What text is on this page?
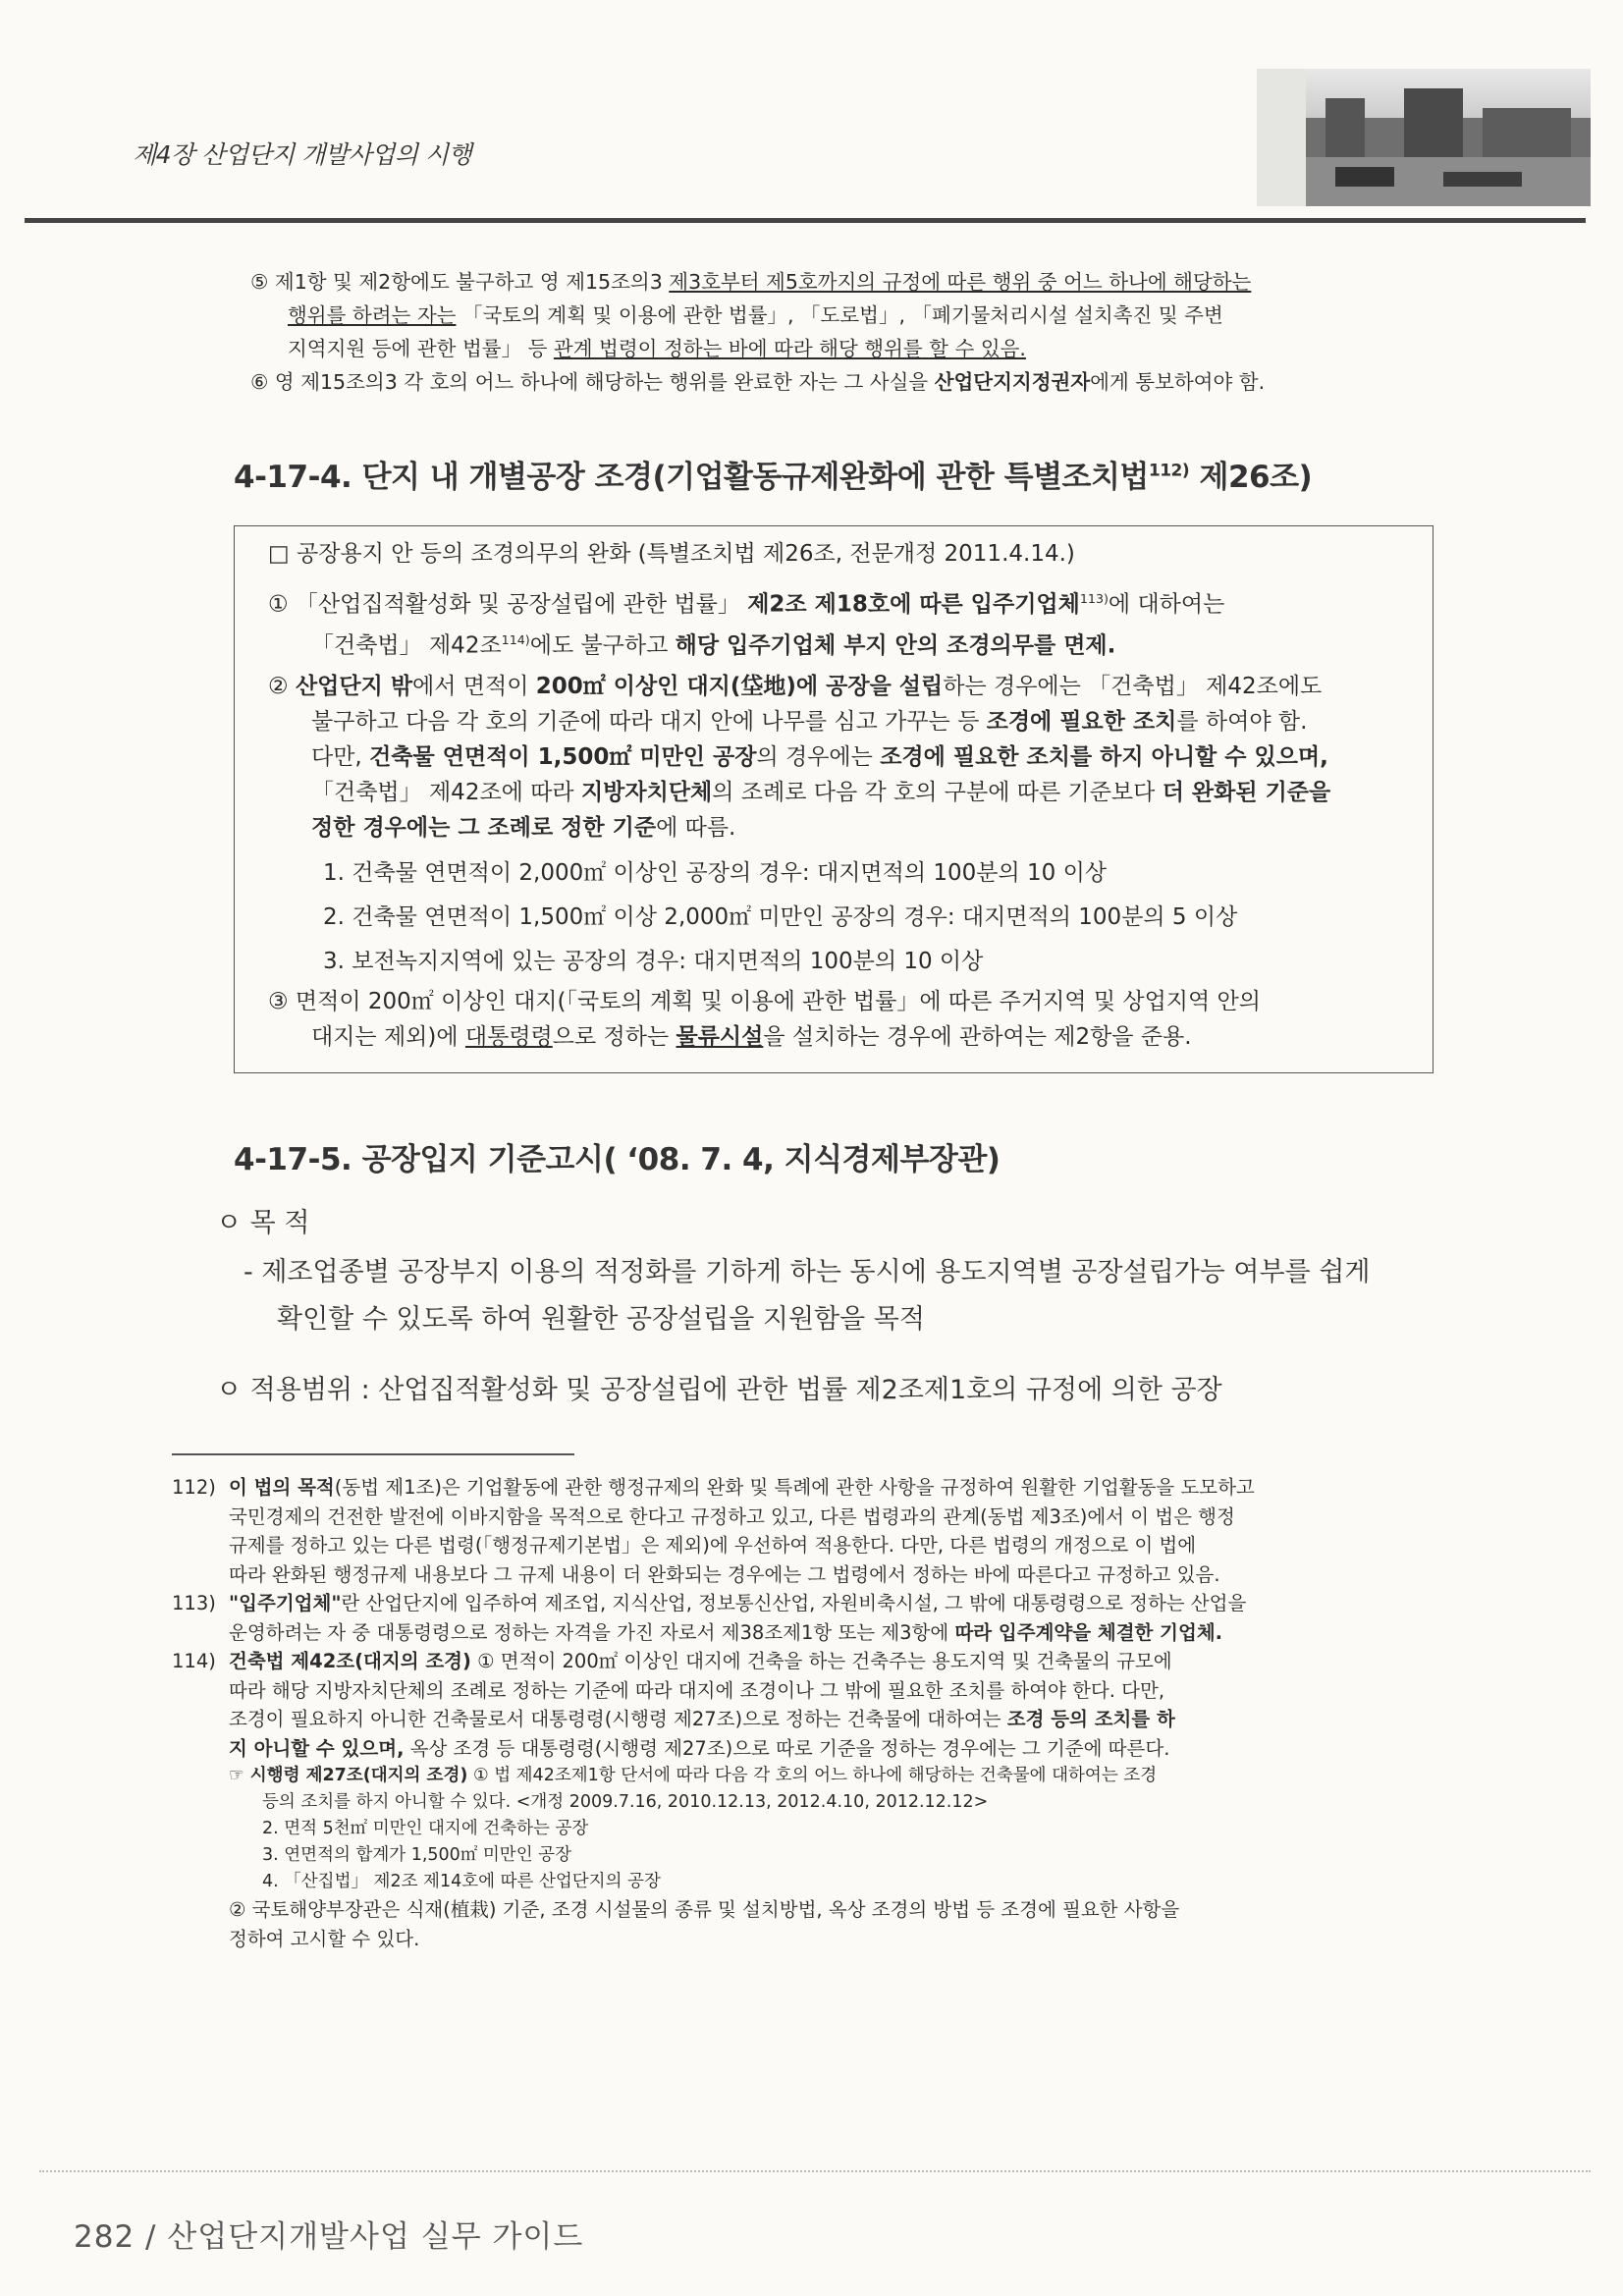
제4장 산업단지 개발사업의 시행
⑤ 제1항 및 제2항에도 불구하고 영 제15조의3 제3호부터 제5호까지의 규정에 따른 행위 중 어느 하나에 해당하는
행위를 하려는 자는 「국토의 계획 및 이용에 관한 법률」, 「도로법」, 「폐기물처리시설 설치촉진 및 주변
지역지원 등에 관한 법률」 등 관계 법령이 정하는 바에 따라 해당 행위를 할 수 있음.
⑥ 영 제15조의3 각 호의 어느 하나에 해당하는 행위를 완료한 자는 그 사실을 산업단지지정권자에게 통보하여야 함.
4-17-4. 단지 내 개별공장 조경(기업활동규제완화에 관한 특별조치법$^{112)}$ 제26조)
□ 공장용지 안 등의 조경의무의 완화 (특별조치법 제26조, 전문개정 2011.4.14.)
① 「산업집적활성화 및 공장설립에 관한 법률」 제2조 제18호에 따른 입주기업체$^{113)}$에 대하여는
「건축법」 제42조$^{114)}$에도 불구하고 해당 입주기업체 부지 안의 조경의무를 면제.
② 산업단지 밖에서 면적이 200㎡ 이상인 대지(垈地)에 공장을 설립하는 경우에는 「건축법」 제42조에도
불구하고 다음 각 호의 기준에 따라 대지 안에 나무를 심고 가꾸는 등 조경에 필요한 조치를 하여야 함.
다만, 건축물 연면적이 1,500㎡ 미만인 공장의 경우에는 조경에 필요한 조치를 하지 아니할 수 있으며,
「건축법」 제42조에 따라 지방자치단체의 조례로 다음 각 호의 구분에 따른 기준보다 더 완화된 기준을
정한 경우에는 그 조례로 정한 기준에 따름.
1. 건축물 연면적이 2,000㎡ 이상인 공장의 경우: 대지면적의 100분의 10 이상
2. 건축물 연면적이 1,500㎡ 이상 2,000㎡ 미만인 공장의 경우: 대지면적의 100분의 5 이상
3. 보전녹지지역에 있는 공장의 경우: 대지면적의 100분의 10 이상
③ 면적이 200㎡ 이상인 대지(「국토의 계획 및 이용에 관한 법률」에 따른 주거지역 및 상업지역 안의
대지는 제외)에 대통령령으로 정하는 물류시설을 설치하는 경우에 관하여는 제2항을 준용.
4-17-5. 공장입지 기준고시( ‘08. 7. 4, 지식경제부장관)
ㅇ 목 적
- 제조업종별 공장부지 이용의 적정화를 기하게 하는 동시에 용도지역별 공장설립가능 여부를 쉽게
확인할 수 있도록 하여 원활한 공장설립을 지원함을 목적
ㅇ 적용범위 : 산업집적활성화 및 공장설립에 관한 법률 제2조제1호의 규정에 의한 공장
112) 이 법의 목적(동법 제1조)은 기업활동에 관한 행정규제의 완화 및 특례에 관한 사항을 규정하여 원활한 기업활동을 도모하고
국민경제의 건전한 발전에 이바지함을 목적으로 한다고 규정하고 있고, 다른 법령과의 관계(동법 제3조)에서 이 법은 행정
규제를 정하고 있는 다른 법령(「행정규제기본법」은 제외)에 우선하여 적용한다. 다만, 다른 법령의 개정으로 이 법에
따라 완화된 행정규제 내용보다 그 규제 내용이 더 완화되는 경우에는 그 법령에서 정하는 바에 따른다고 규정하고 있음.
113) "입주기업체"란 산업단지에 입주하여 제조업, 지식산업, 정보통신산업, 자원비축시설, 그 밖에 대통령령으로 정하는 산업을
운영하려는 자 중 대통령령으로 정하는 자격을 가진 자로서 제38조제1항 또는 제3항에 따라 입주계약을 체결한 기업체.
114) 건축법 제42조(대지의 조경) ① 면적이 200㎡ 이상인 대지에 건축을 하는 건축주는 용도지역 및 건축물의 규모에
따라 해당 지방자치단체의 조례로 정하는 기준에 따라 대지에 조경이나 그 밖에 필요한 조치를 하여야 한다. 다만,
조경이 필요하지 아니한 건축물로서 대통령령(시행령 제27조)으로 정하는 건축물에 대하여는 조경 등의 조치를 하
지 아니할 수 있으며, 옥상 조경 등 대통령령(시행령 제27조)으로 따로 기준을 정하는 경우에는 그 기준에 따른다.
☞ 시행령 제27조(대지의 조경) ① 법 제42조제1항 단서에 따라 다음 각 호의 어느 하나에 해당하는 건축물에 대하여는 조경
등의 조치를 하지 아니할 수 있다. <개정 2009.7.16, 2010.12.13, 2012.4.10, 2012.12.12>
2. 면적 5천㎡ 미만인 대지에 건축하는 공장
3. 연면적의 합계가 1,500㎡ 미만인 공장
4. 「산집법」 제2조 제14호에 따른 산업단지의 공장
② 국토해양부장관은 식재(植栽) 기준, 조경 시설물의 종류 및 설치방법, 옥상 조경의 방법 등 조경에 필요한 사항을
정하여 고시할 수 있다.
282 / 산업단지개발사업 실무 가이드
